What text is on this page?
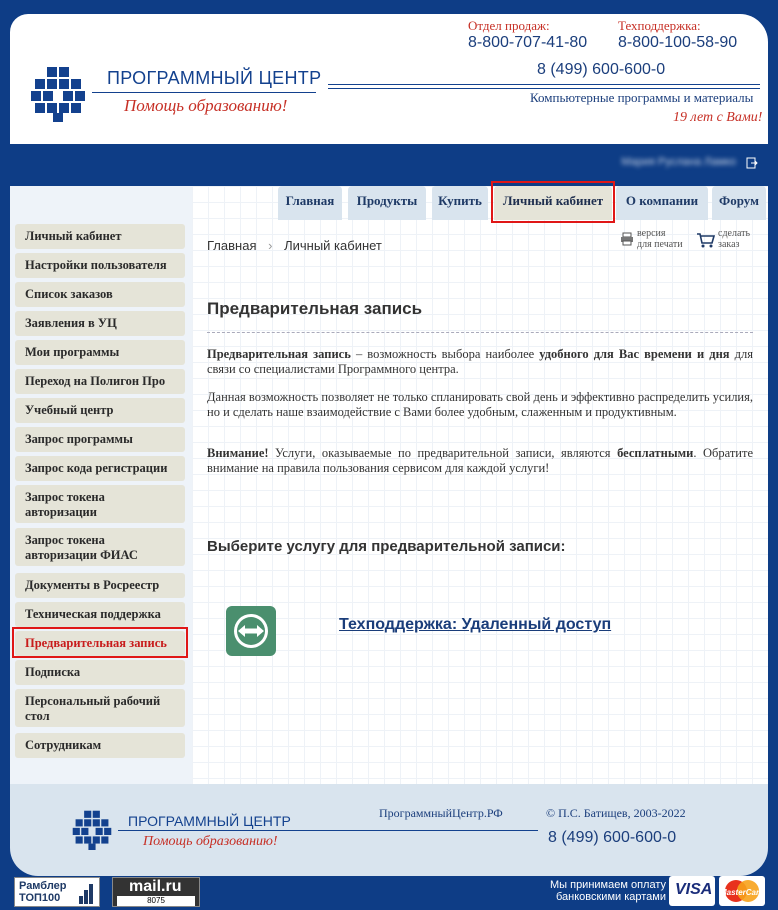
ПРОГРАММНЫЙ ЦЕНТР
Помощь образованию!
Отдел продаж:
8-800-707-41-80
Техподдержка:
8-800-100-58-90
8 (499) 600-600-0
Компьютерные программы и материалы
19 лет с Вами!
Мария Руслана Ламко
Личный кабинет
Настройки пользователя
Список заказов
Заявления в УЦ
Мои программы
Переход на Полигон Про
Учебный центр
Запрос программы
Запрос кода регистрации
Запрос токена авторизации
Запрос токена авторизации ФИАС
Документы в Росреестр
Техническая поддержка
Предварительная запись
Подписка
Персональный рабочий стол
Сотрудникам
Главная	Продукты	Купить	Личный кабинет	О компании	Форум
Главная › Личный кабинет
версия
для печати
сделать
заказ
Предварительная запись
Предварительная запись – возможность выбора наиболее удобного для Вас времени и дня для связи со специалистами Программного центра.
Данная возможность позволяет не только спланировать свой день и эффективно распределить усилия, но и сделать наше взаимодействие с Вами более удобным, слаженным и продуктивным.
Внимание! Услуги, оказываемые по предварительной записи, являются бесплатными. Обратите внимание на правила пользования сервисом для каждой услуги!
Выберите услугу для предварительной записи:
Техподдержка: Удаленный доступ
ПРОГРАММНЫЙ ЦЕНТР
Помощь образованию!
ПрограммныйЦентр.РФ	© П.С. Батищев, 2003-2022
8 (499) 600-600-0
Рамблер
ТОП100
mail.ru
8075
Мы принимаем оплату
банковскими картами VISA MasterCard
